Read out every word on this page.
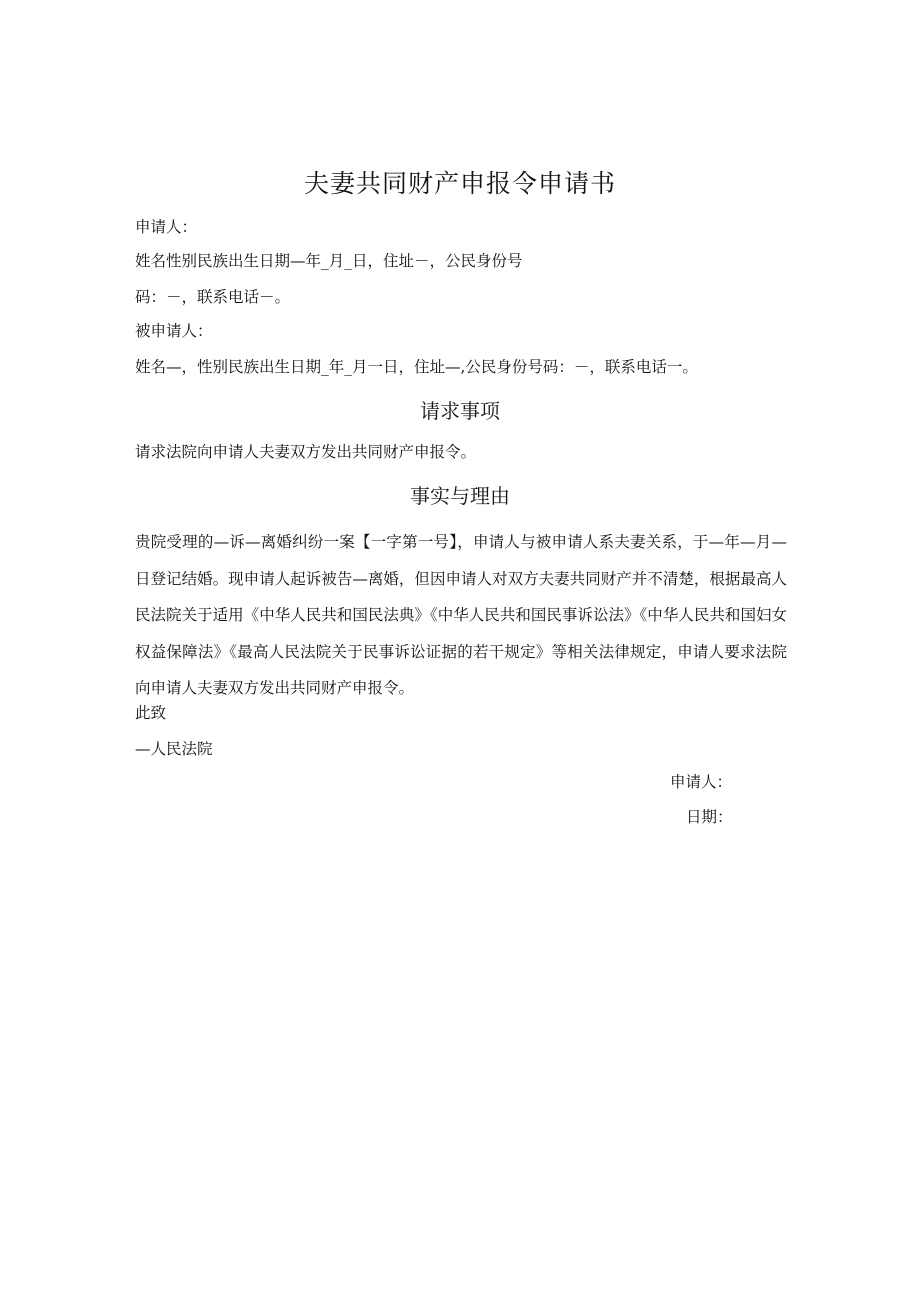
夫妻共同财产申报令申请书
申请人：
姓名性别民族出生日期—年_月_日，住址－，公民身份号
码：－，联系电话－。
被申请人：
姓名—，性别民族出生日期_年_月一日，住址—,公民身份号码：－，联系电话一。
请求事项
请求法院向申请人夫妻双方发出共同财产申报令。
事实与理由
贵院受理的—诉—离婚纠纷一案【一字第一号】，申请人与被申请人系夫妻关系，于—年—月—日登记结婚。现申请人起诉被告—离婚，但因申请人对双方夫妻共同财产并不清楚，根据最高人民法院关于适用《中华人民共和国民法典》《中华人民共和国民事诉讼法》《中华人民共和国妇女权益保障法》《最高人民法院关于民事诉讼证据的若干规定》等相关法律规定，申请人要求法院向申请人夫妻双方发出共同财产申报令。
此致
—人民法院
申请人：
日期：
